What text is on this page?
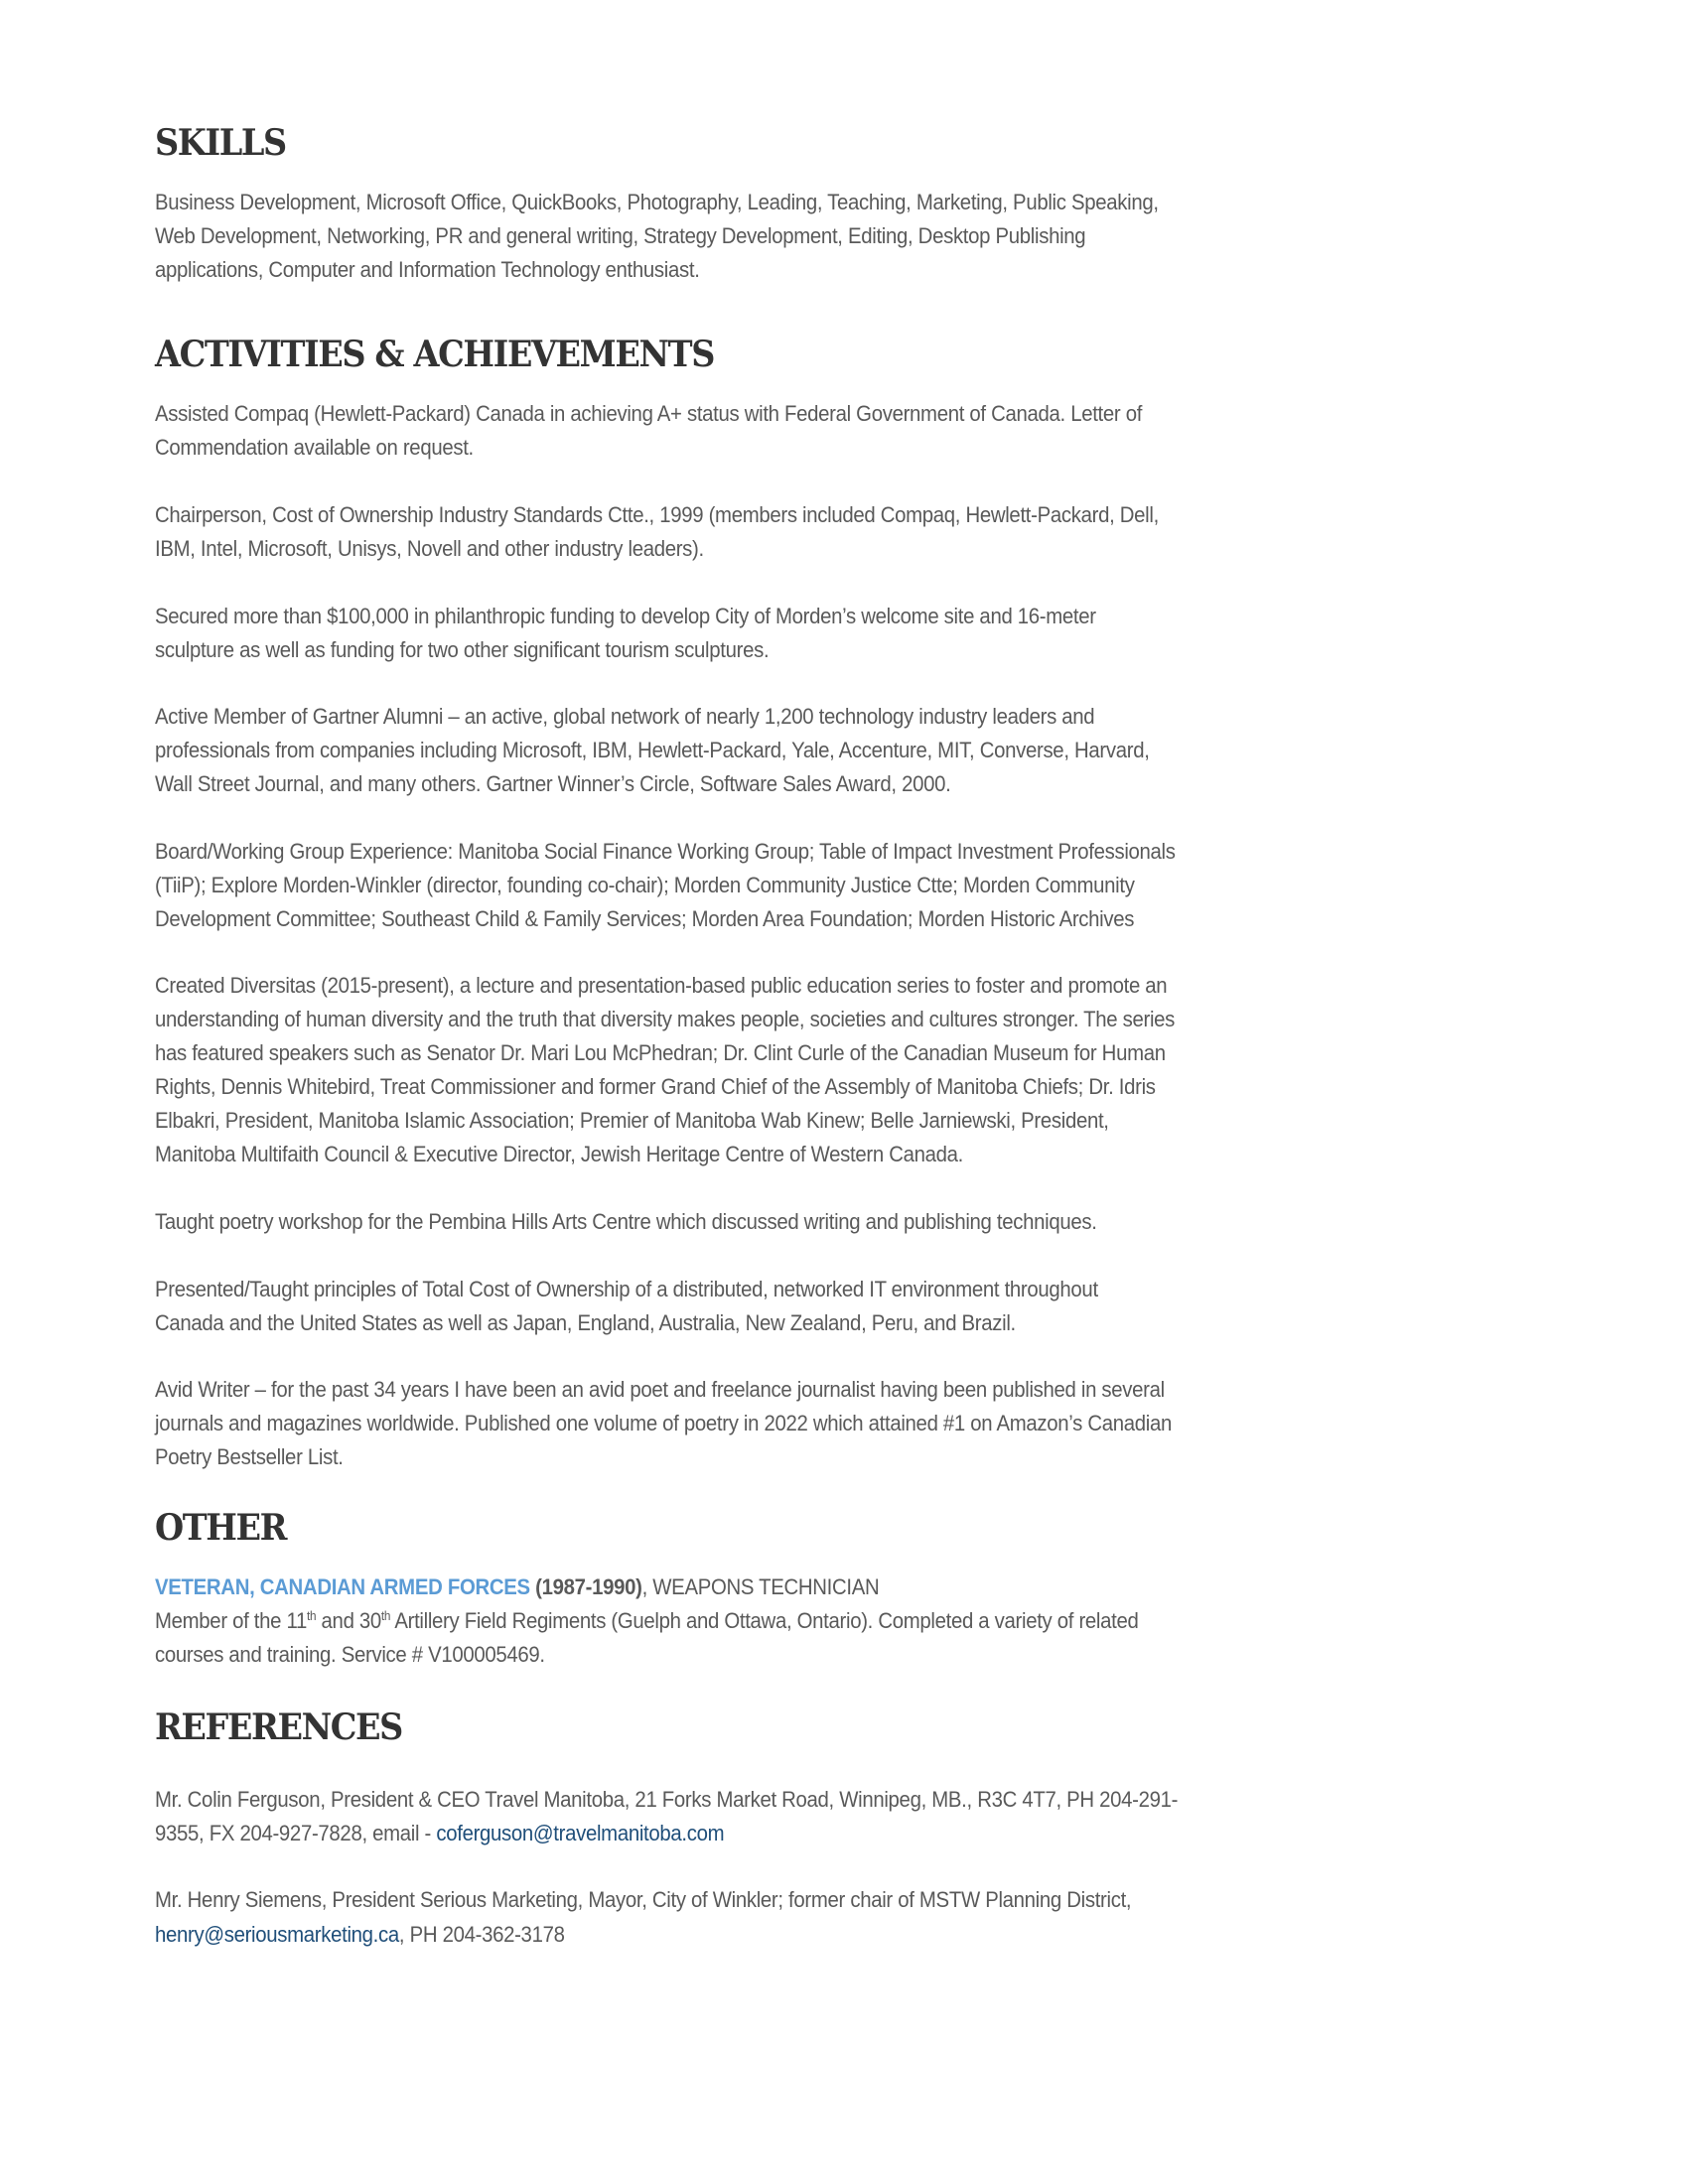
SKILLS

Business Development, Microsoft Office, QuickBooks, Photography, Leading, Teaching, Marketing, Public Speaking,

Web Development, Networking, PR and general writing, Strategy Development, Editing, Desktop Publishing

applications, Computer and Information Technology enthusiast.

ACTIVITIES & ACHIEVEMENTS

Assisted Compaq (Hewlett-Packard) Canada in achieving A+ status with Federal Government of Canada. Letter of

Commendation available on request.

Chairperson, Cost of Ownership Industry Standards Ctte., 1999 (members included Compaq, Hewlett-Packard, Dell,

IBM, Intel, Microsoft, Unisys, Novell and other industry leaders).

Secured more than $100,000 in philanthropic funding to develop City of Morden’s welcome site and 16-meter

sculpture as well as funding for two other significant tourism sculptures.

Active Member of Gartner Alumni – an active, global network of nearly 1,200 technology industry leaders and

professionals from companies including Microsoft, IBM, Hewlett-Packard, Yale, Accenture, MIT, Converse, Harvard,

Wall Street Journal, and many others. Gartner Winner’s Circle, Software Sales Award, 2000.

Board/Working Group Experience: Manitoba Social Finance Working Group; Table of Impact Investment Professionals

(TiiP); Explore Morden-Winkler (director, founding co-chair); Morden Community Justice Ctte; Morden Community

Development Committee; Southeast Child & Family Services; Morden Area Foundation; Morden Historic Archives

Created Diversitas (2015-present), a lecture and presentation-based public education series to foster and promote an

understanding of human diversity and the truth that diversity makes people, societies and cultures stronger. The series

has featured speakers such as Senator Dr. Mari Lou McPhedran; Dr. Clint Curle of the Canadian Museum for Human

Rights, Dennis Whitebird, Treat Commissioner and former Grand Chief of the Assembly of Manitoba Chiefs; Dr. Idris

Elbakri, President, Manitoba Islamic Association; Premier of Manitoba Wab Kinew; Belle Jarniewski, President,

Manitoba Multifaith Council & Executive Director, Jewish Heritage Centre of Western Canada.

Taught poetry workshop for the Pembina Hills Arts Centre which discussed writing and publishing techniques.

Presented/Taught principles of Total Cost of Ownership of a distributed, networked IT environment throughout

Canada and the United States as well as Japan, England, Australia, New Zealand, Peru, and Brazil.

Avid Writer – for the past 34 years I have been an avid poet and freelance journalist having been published in several

journals and magazines worldwide. Published one volume of poetry in 2022 which attained #1 on Amazon’s Canadian

Poetry Bestseller List.

OTHER

VETERAN, CANADIAN ARMED FORCES (1987-1990), WEAPONS TECHNICIAN

Member of the 11th and 30th Artillery Field Regiments (Guelph and Ottawa, Ontario). Completed a variety of related

courses and training. Service # V100005469.

REFERENCES

Mr. Colin Ferguson, President & CEO Travel Manitoba, 21 Forks Market Road, Winnipeg, MB., R3C 4T7, PH 204-291-

9355, FX 204-927-7828, email - coferguson@travelmanitoba.com

Mr. Henry Siemens, President Serious Marketing, Mayor, City of Winkler; former chair of MSTW Planning District,

henry@seriousmarketing.ca, PH 204-362-3178
